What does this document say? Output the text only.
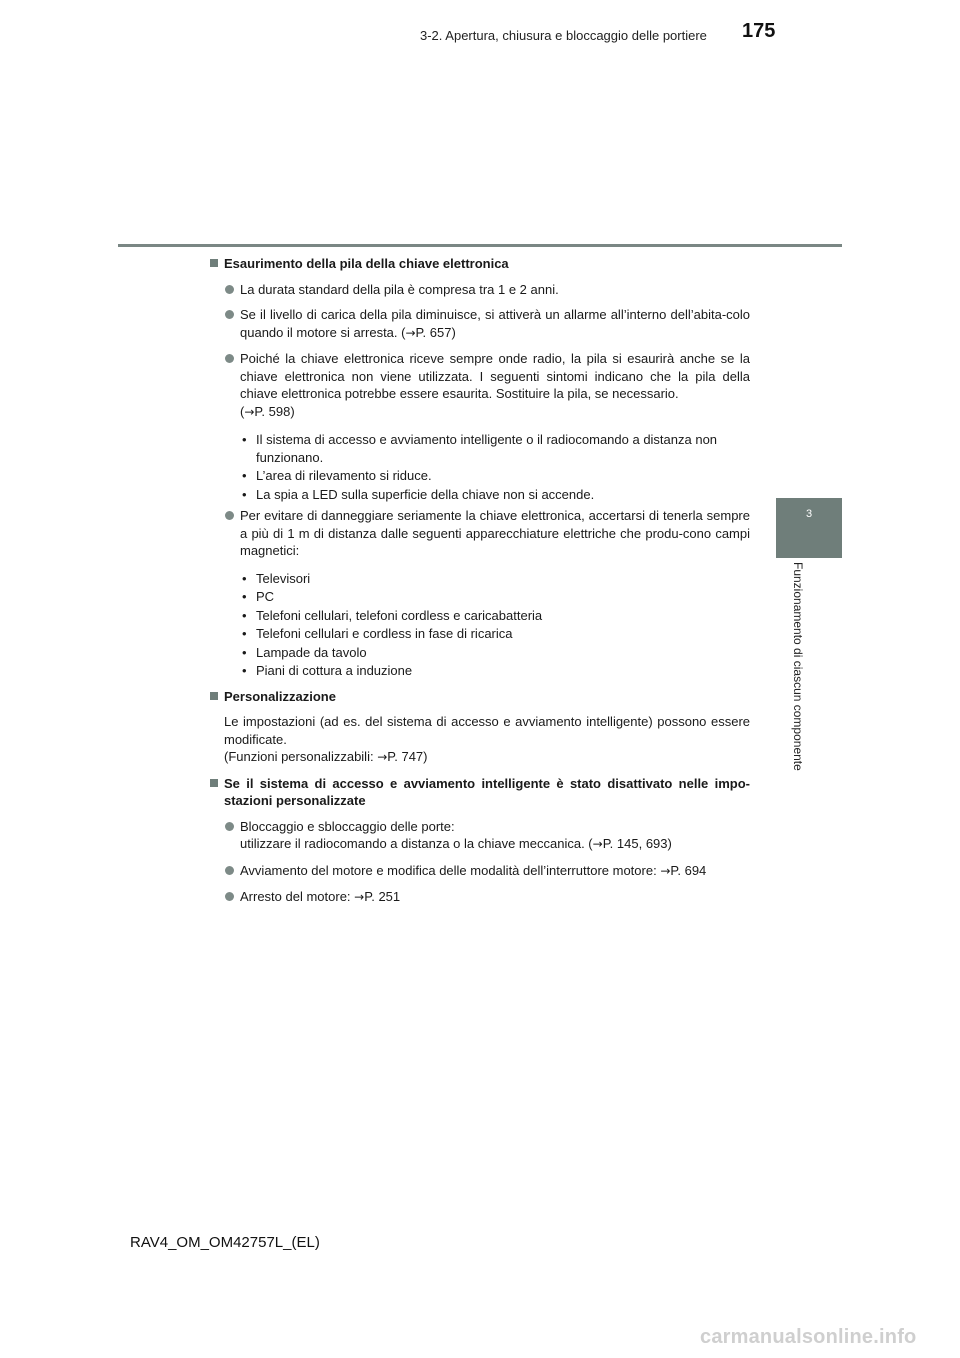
3-2. Apertura, chiusura e bloccaggio delle portiere 175
3
Funzionamento di ciascun componente
Esaurimento della pila della chiave elettronica
La durata standard della pila è compresa tra 1 e 2 anni.
Se il livello di carica della pila diminuisce, si attiverà un allarme all’interno dell’abita-colo quando il motore si arresta. (→P. 657)
Poiché la chiave elettronica riceve sempre onde radio, la pila si esaurirà anche se la chiave elettronica non viene utilizzata. I seguenti sintomi indicano che la pila della chiave elettronica potrebbe essere esaurita. Sostituire la pila, se necessario.
(→P. 598)
• Il sistema di accesso e avviamento intelligente o il radiocomando a distanza non funzionano.
• L’area di rilevamento si riduce.
• La spia a LED sulla superficie della chiave non si accende.
Per evitare di danneggiare seriamente la chiave elettronica, accertarsi di tenerla sempre a più di 1 m di distanza dalle seguenti apparecchiature elettriche che produ-cono campi magnetici:
• Televisori
• PC
• Telefoni cellulari, telefoni cordless e caricabatteria
• Telefoni cellulari e cordless in fase di ricarica
• Lampade da tavolo
• Piani di cottura a induzione
Personalizzazione
Le impostazioni (ad es. del sistema di accesso e avviamento intelligente) possono essere modificate.
(Funzioni personalizzabili: →P. 747)
Se il sistema di accesso e avviamento intelligente è stato disattivato nelle impo-stazioni personalizzate
Bloccaggio e sbloccaggio delle porte:
utilizzare il radiocomando a distanza o la chiave meccanica. (→P. 145, 693)
Avviamento del motore e modifica delle modalità dell’interruttore motore: →P. 694
Arresto del motore: →P. 251
RAV4_OM_OM42757L_(EL)
carmanualsonline.info
